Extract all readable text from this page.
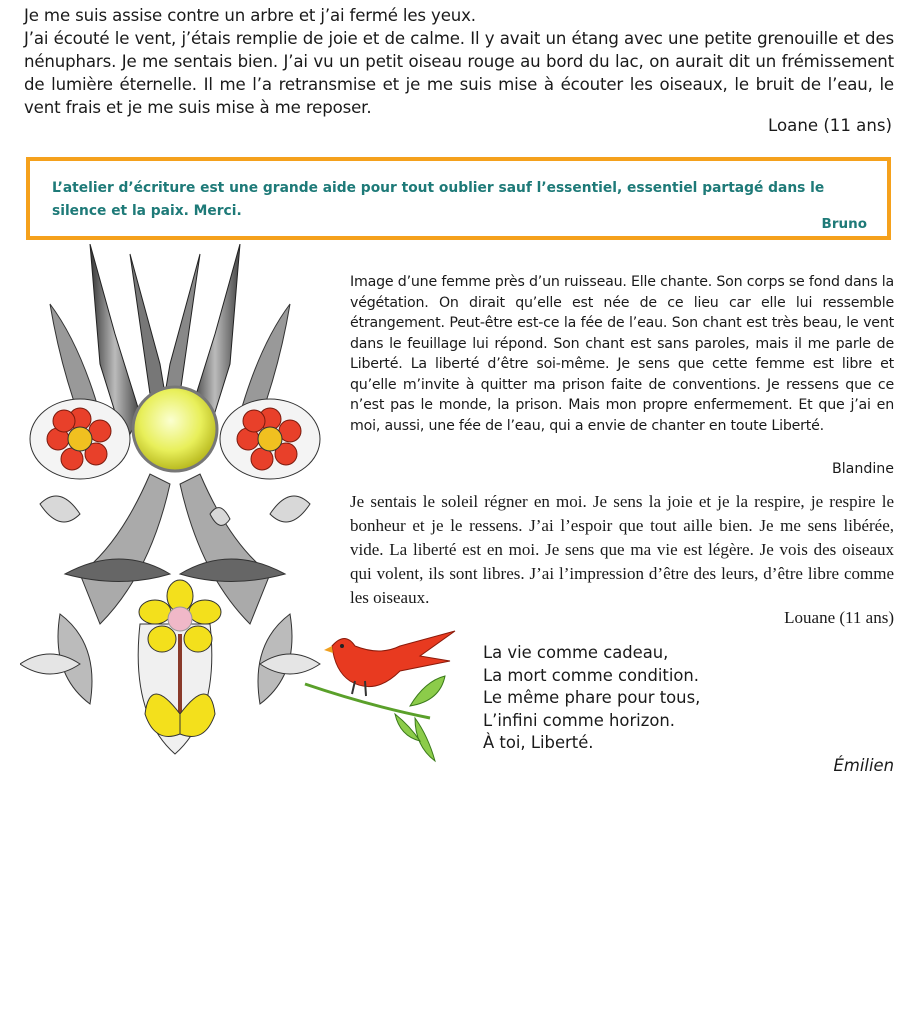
Je me suis assise contre un arbre et j’ai fermé les yeux.

J’ai écouté le vent, j’étais remplie de joie et de calme. Il y avait un étang avec une petite grenouille et des nénuphars. Je me sentais bien. J’ai vu un petit oiseau rouge au bord du lac, on aurait dit un frémissement de lumière éternelle. Il me l’a retransmise et je me suis mise à écouter les oiseaux, le bruit de l’eau, le vent frais et je me suis mise à me reposer.

Loane (11 ans)

L’atelier d’écriture est une grande aide pour tout oublier sauf l’essentiel, essentiel partagé dans le silence et la paix. Merci.

Bruno

Image d’une femme près d’un ruisseau. Elle chante. Son corps se fond dans la végétation. On dirait qu’elle est née de ce lieu car elle lui ressemble étrangement. Peut-être est-ce la fée de l’eau. Son chant est très beau, le vent dans le feuillage lui répond. Son chant est sans paroles, mais il me parle de Liberté. La liberté d’être soi-même. Je sens que cette femme est libre et qu’elle m’invite à quitter ma prison faite de conventions. Je ressens que ce n’est pas le monde, la prison. Mais mon propre enfermement. Et que j’ai en moi, aussi, une fée de l’eau, qui a envie de chanter en toute Liberté.

Blandine

Je sentais le soleil régner en moi. Je sens la joie et je la respire, je respire le bonheur et je le ressens. J’ai l’espoir que tout aille bien. Je me sens libérée, vide. La liberté est en moi. Je sens que ma vie est légère. Je vois des oiseaux qui volent, ils sont libres. J’ai l’impression d’être des leurs, d’être libre comme les oiseaux.

Louane (11 ans)
La vie comme cadeau,
La mort comme condition.
Le même phare pour tous,
L’infini comme horizon.
À toi, Liberté.
Émilien
